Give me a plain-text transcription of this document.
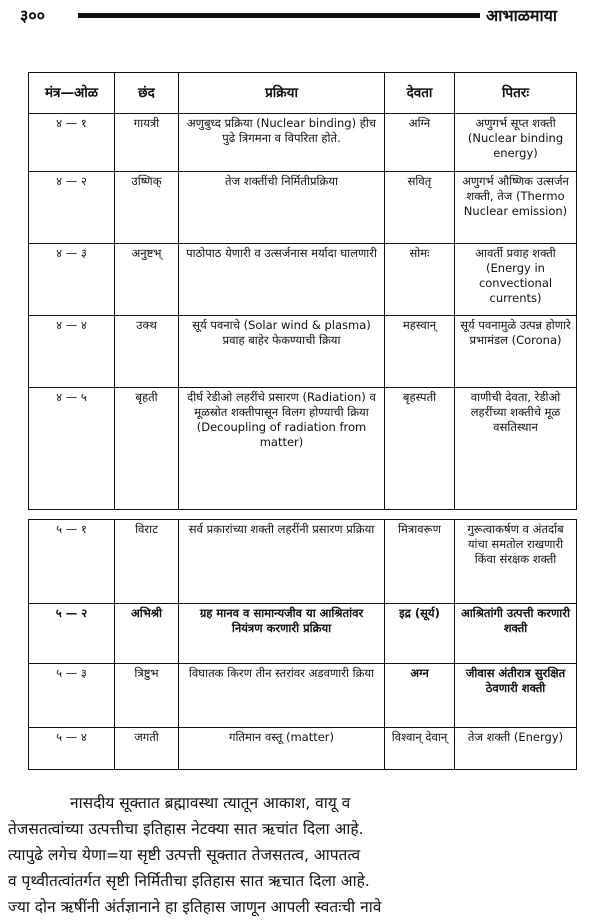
३००	आभाळमाया
मंत्र—ओळ	छंद	प्रक्रिया	देवता	पितरः
४ — १	गायत्री	अणुबुध्द प्रक्रिया (Nuclear binding) हीच पुढे त्रिगमना व विपरिता होते.	अग्नि	अणुगर्भ सूप्त शक्ती (Nuclear binding energy)
४ — २	उष्णिक्	तेज शक्तींची निर्मितीप्रक्रिया	सवितृ	अणुगर्भ औष्णिक उत्सर्जन शक्ती, तेज (Thermo Nuclear emission)
४ — ३	अनुष्टभ्	पाठोपाठ येणारी व उत्सर्जनास मर्यादा घालणारी	सोमः	आवर्ती प्रवाह शक्ती (Energy in convectional currents)
४ — ४	उक्थ	सूर्य पवनाचे (Solar wind & plasma) प्रवाह बाहेर फेकण्याची क्रिया	महस्वान्	सूर्य पवनामुळे उत्पन्न होणारे प्रभामंडल (Corona)
४ — ५	बृहती	दीर्घ रेडीओ लहरींचे प्रसारण (Radiation) व मूळस्रोत शक्तीपासून विलग होण्याची क्रिया (Decoupling of radiation from matter)	बृहस्पती	वाणीची देवता, रेडीओ लहरींच्या शक्तीचे मूळ वसतिस्थान
५ — १	विराट	सर्व प्रकारांच्या शक्ती लहरींनी प्रसारण प्रक्रिया	मित्रावरूण	गुरूत्वाकर्षण व अंतर्दाब यांचा समतोल राखणारी किंवा संरक्षक शक्ती
५ — २	अभिश्री	ग्रह मानव व सामान्यजीव या आश्रितांवर नियंत्रण करणारी प्रक्रिया	इद्र (सूर्य)	आश्रितांगी उत्पत्ती करणारी शक्ती
५ — ३	त्रिष्टुभ	विघातक किरण तीन स्तरांवर अडवणारी क्रिया	अग्न	जीवास अंतीरात्र सुरक्षित ठेवणारी शक्ती
५ — ४	जगती	गतिमान वस्तू (matter)	विश्वान् देवान्	तेज शक्ती (Energy)
नासदीय सूक्तात ब्रह्मावस्था त्यातून आकाश, वायू व
तेजसतत्वांच्या उत्पत्तीचा इतिहास नेटक्या सात ऋचांत दिला आहे.
त्यापुढे लगेच येणा=या सृष्टी उत्पत्ती सूक्तात तेजसतत्व, आपतत्व
व पृथ्वीतत्वांतर्गत सृष्टी निर्मितीचा इतिहास सात ऋचात दिला आहे.
ज्या दोन ऋषींनी अंर्तज्ञानाने हा इतिहास जाणून आपली स्वतःची नावे
